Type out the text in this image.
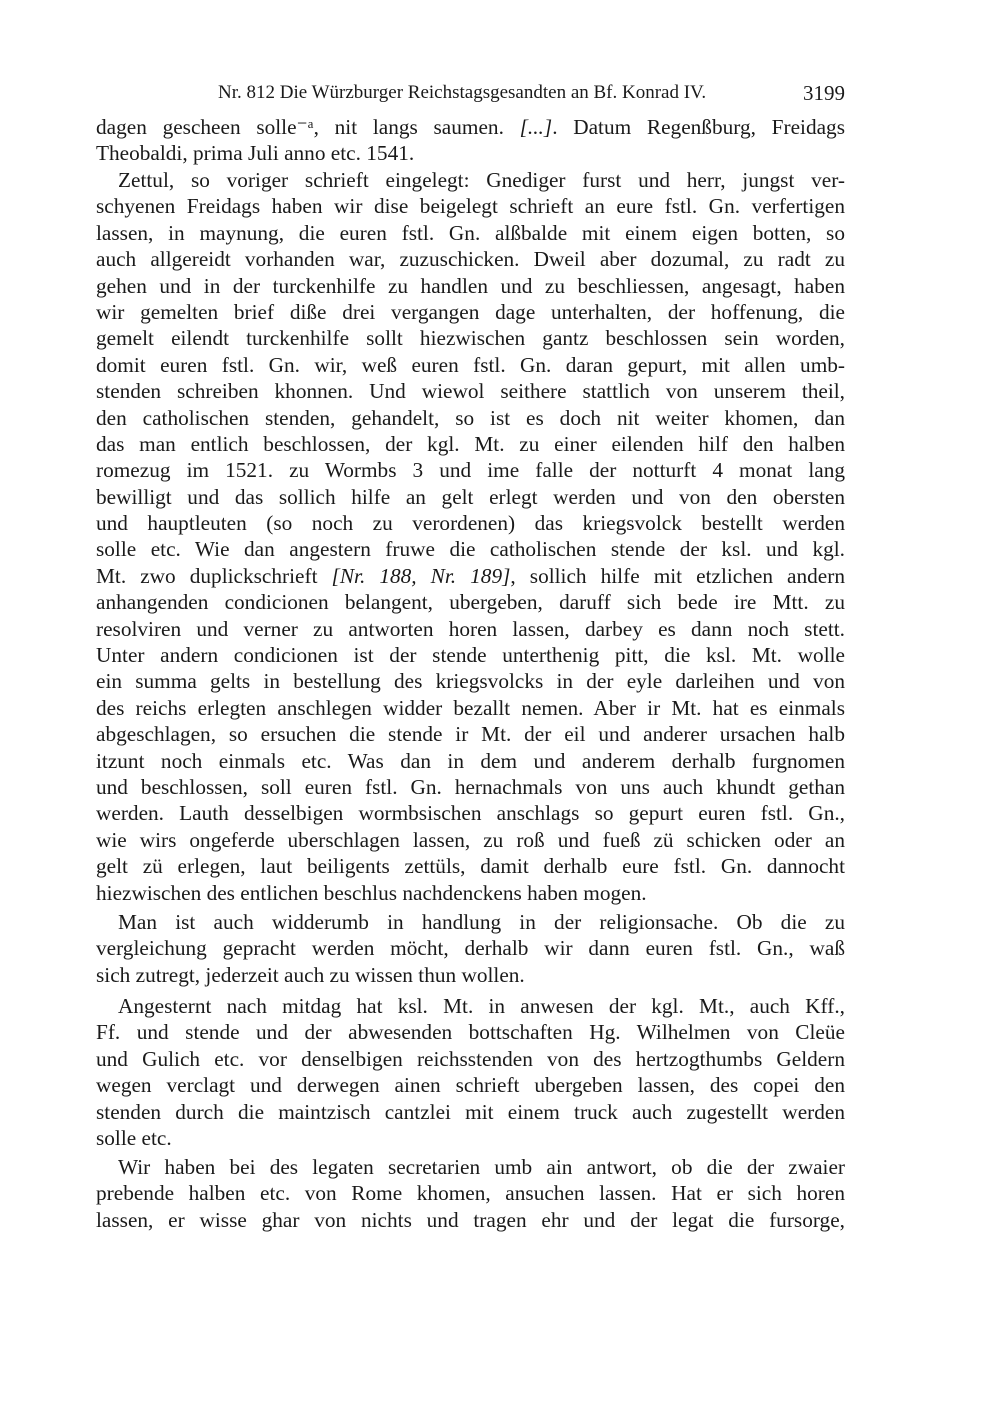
Nr. 812 Die Würzburger Reichstagsgesandten an Bf. Konrad IV.	3199
dagen gescheen solle⁻ᵃ, nit langs saumen. [...]. Datum Regenßburg, Freidags
Theobaldi, prima Juli anno etc. 1541.
Zettul, so voriger schrieft eingelegt: Gnediger furst und herr, jungst ver-
schyenen Freidags haben wir dise beigelegt schrieft an eure fstl. Gn. verfertigen
lassen, in maynung, die euren fstl. Gn. alßbalde mit einem eigen botten, so
auch allgereidt vorhanden war, zuzuschicken. Dweil aber dozumal, zu radt zu
gehen und in der turckenhilfe zu handlen und zu beschliessen, angesagt, haben
wir gemelten brief diße drei vergangen dage unterhalten, der hoffenung, die
gemelt eilendt turckenhilfe sollt hiezwischen gantz beschlossen sein worden,
domit euren fstl. Gn. wir, weß euren fstl. Gn. daran gepurt, mit allen umb-
stenden schreiben khonnen. Und wiewol seithere stattlich von unserem theil,
den catholischen stenden, gehandelt, so ist es doch nit weiter khomen, dan
das man entlich beschlossen, der kgl. Mt. zu einer eilenden hilf den halben
romezug im 1521. zu Wormbs 3 und ime falle der notturft 4 monat lang
bewilligt und das sollich hilfe an gelt erlegt werden und von den obersten
und hauptleuten (so noch zu verordenen) das kriegsvolck bestellt werden
solle etc. Wie dan angestern fruwe die catholischen stende der ksl. und kgl.
Mt. zwo duplickschrieft [Nr. 188, Nr. 189], sollich hilfe mit etzlichen andern
anhangenden condicionen belangent, ubergeben, daruff sich bede ire Mtt. zu
resolviren und verner zu antworten horen lassen, darbey es dann noch stett.
Unter andern condicionen ist der stende unterthenig pitt, die ksl. Mt. wolle
ein summa gelts in bestellung des kriegsvolcks in der eyle darleihen und von
des reichs erlegten anschlegen widder bezallt nemen. Aber ir Mt. hat es einmals
abgeschlagen, so ersuchen die stende ir Mt. der eil und anderer ursachen halb
itzunt noch einmals etc. Was dan in dem und anderem derhalb furgnomen
und beschlossen, soll euren fstl. Gn. hernachmals von uns auch khundt gethan
werden. Lauth desselbigen wormbsischen anschlags so gepurt euren fstl. Gn.,
wie wirs ongeferde uberschlagen lassen, zu roß und fueß zü schicken oder an
gelt zü erlegen, laut beiligents zettüls, damit derhalb eure fstl. Gn. dannocht
hiezwischen des entlichen beschlus nachdenckens haben mogen.
Man ist auch widderumb in handlung in der religionsache. Ob die zu
vergleichung gepracht werden möcht, derhalb wir dann euren fstl. Gn., waß
sich zutregt, jederzeit auch zu wissen thun wollen.
Angesternt nach mitdag hat ksl. Mt. in anwesen der kgl. Mt., auch Kff.,
Ff. und stende und der abwesenden bottschaften Hg. Wilhelmen von Cleüe
und Gulich etc. vor denselbigen reichsstenden von des hertzogthumbs Geldern
wegen verclagt und derwegen ainen schrieft ubergeben lassen, des copei den
stenden durch die maintzisch cantzlei mit einem truck auch zugestellt werden
solle etc.
Wir haben bei des legaten secretarien umb ain antwort, ob die der zwaier
prebende halben etc. von Rome khomen, ansuchen lassen. Hat er sich horen
lassen, er wisse ghar von nichts und tragen ehr und der legat die fursorge,
